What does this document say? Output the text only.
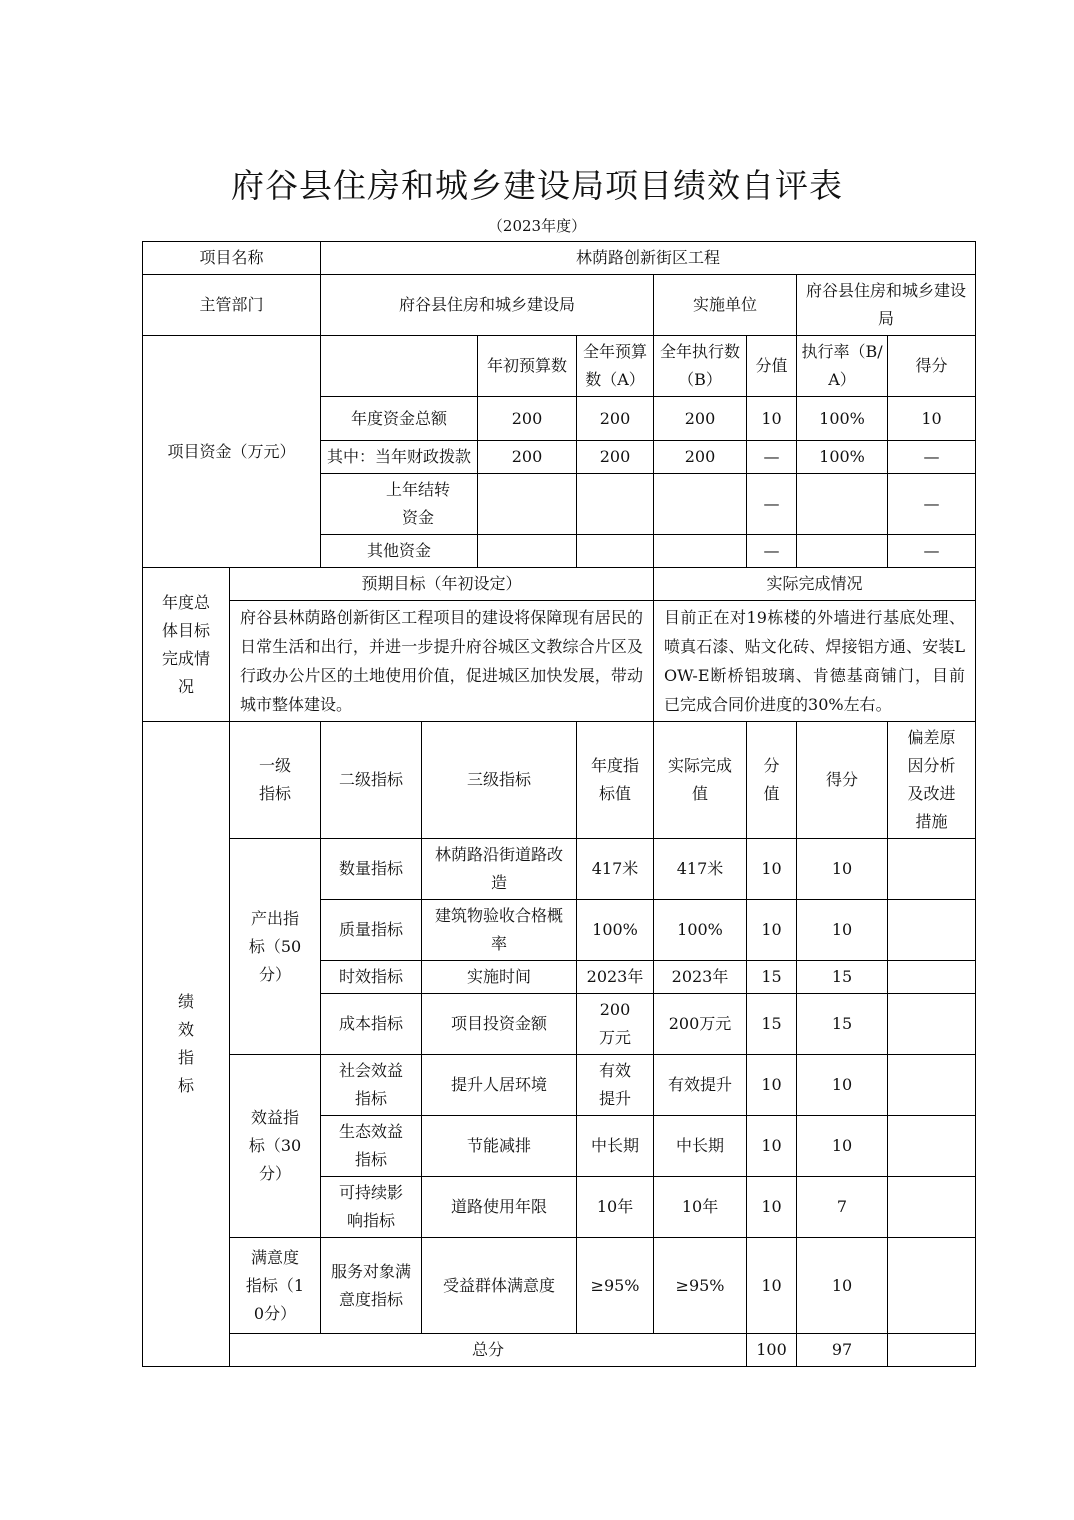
府谷县住房和城乡建设局项目绩效自评表
（2023年度）
项目名称		林荫路创新街区工程							
主管部门		府谷县住房和城乡建设局				实施单位		府谷县住房和城乡建设局	
项目资金（万元）				年初预算数	全年预算数（A）	全年执行数（B）	分值	执行率（B/A）	得分
		年度资金总额		200	200	200	10	100%	10
		其中：当年财政拨款		200	200	200	—	100%	—
		上年结转资金					—		—
		其他资金					—		—
年度总体目标完成情况	预期目标（年初设定）					实际完成情况			
	府谷县林荫路创新街区工程项目的建设将保障现有居民的日常生活和出行，并进一步提升府谷城区文教综合片区及行政办公片区的土地使用价值，促进城区加快发展，带动城市整体建设。					目前正在对19栋楼的外墙进行基底处理、喷真石漆、贴文化砖、焊接铝方通、安装LOW-E断桥铝玻璃、肯德基商铺门，目前已完成合同价进度的30%左右。			
绩效指标	一级指标	二级指标	三级指标		年度指标值	实际完成值	分值	得分	偏差原因分析及改进措施
	产出指标（50分）	数量指标	林荫路沿街道路改造		417米	417米	10	10	
		质量指标	建筑物验收合格概率		100%	100%	10	10	
		时效指标	实施时间		2023年	2023年	15	15	
		成本指标	项目投资金额		200万元	200万元	15	15	
	效益指标（30分）	社会效益指标	提升人居环境		有效提升	有效提升	10	10	
		生态效益指标	节能减排		中长期	中长期	10	10	
		可持续影响指标	道路使用年限		10年	10年	10	7	
	满意度指标（10分）	服务对象满意度指标	受益群体满意度		≥95%	≥95%	10	10	
	总分						100	97	
